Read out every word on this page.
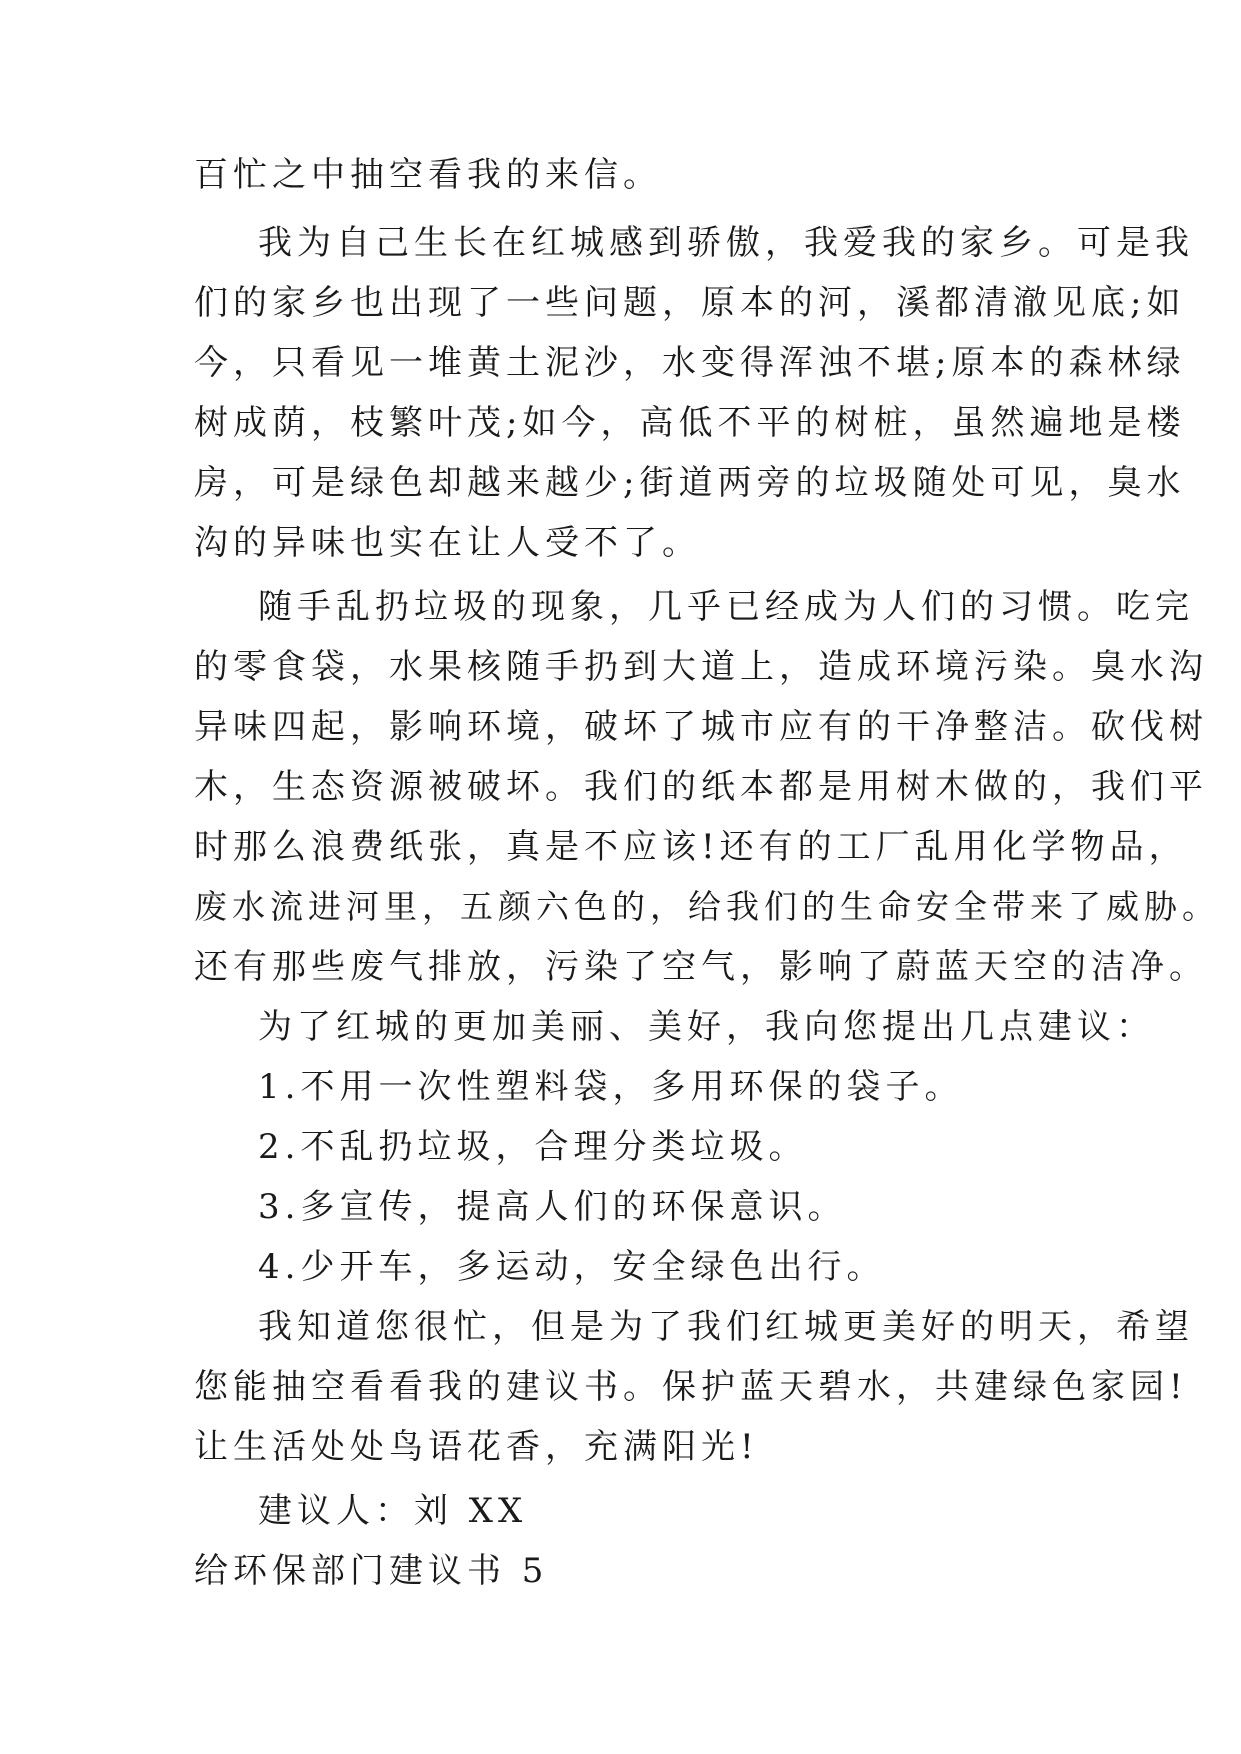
百忙之中抽空看我的来信。
我为自己生长在红城感到骄傲，我爱我的家乡。可是我
们的家乡也出现了一些问题，原本的河，溪都清澈见底;如
今，只看见一堆黄土泥沙，水变得浑浊不堪;原本的森林绿
树成荫，枝繁叶茂;如今，高低不平的树桩，虽然遍地是楼
房，可是绿色却越来越少;街道两旁的垃圾随处可见，臭水
沟的异味也实在让人受不了。
随手乱扔垃圾的现象，几乎已经成为人们的习惯。吃完
的零食袋，水果核随手扔到大道上，造成环境污染。臭水沟
异味四起，影响环境，破坏了城市应有的干净整洁。砍伐树
木，生态资源被破坏。我们的纸本都是用树木做的，我们平
时那么浪费纸张，真是不应该!还有的工厂乱用化学物品，
废水流进河里，五颜六色的，给我们的生命安全带来了威胁。
还有那些废气排放，污染了空气，影响了蔚蓝天空的洁净。
为了红城的更加美丽、美好，我向您提出几点建议：
1.不用一次性塑料袋，多用环保的袋子。
2.不乱扔垃圾，合理分类垃圾。
3.多宣传，提高人们的环保意识。
4.少开车，多运动，安全绿色出行。
我知道您很忙，但是为了我们红城更美好的明天，希望
您能抽空看看我的建议书。保护蓝天碧水，共建绿色家园!
让生活处处鸟语花香，充满阳光!
建议人：刘 XX
给环保部门建议书 5
